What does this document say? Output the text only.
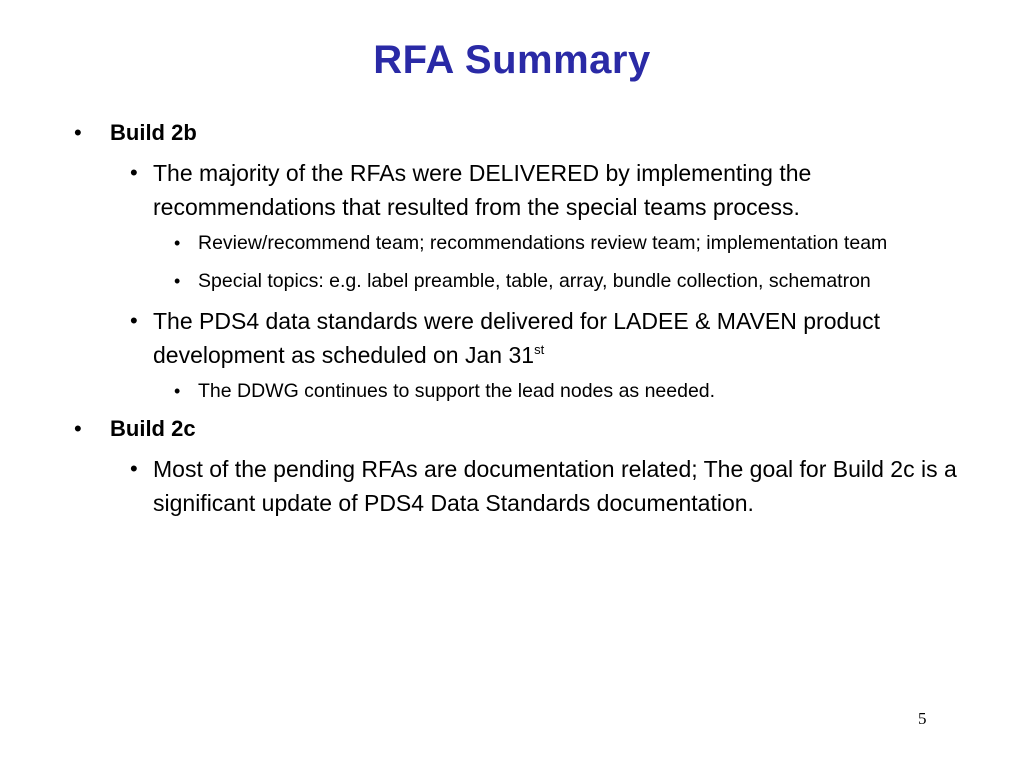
RFA Summary
• Build 2b
• The majority of the RFAs were DELIVERED by implementing the recommendations that resulted from the special teams process.
• Review/recommend team; recommendations review team; implementation team
• Special topics: e.g. label preamble, table, array, bundle collection, schematron
• The PDS4 data standards were delivered for LADEE & MAVEN product development as scheduled on Jan 31st
• The DDWG continues to support the lead nodes as needed.
• Build 2c
• Most of the pending RFAs are documentation related; The goal for Build 2c is a significant update of PDS4 Data Standards documentation.
5
